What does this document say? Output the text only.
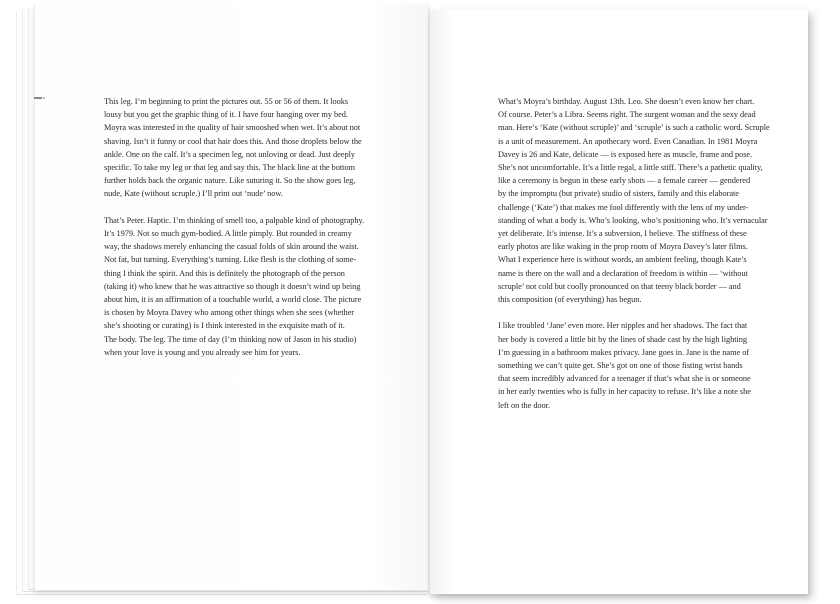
This leg. I’m beginning to print the pictures out. 55 or 56 of them. It looks
lousy but you get the graphic thing of it. I have four hanging over my bed.
Moyra was interested in the quality of hair smooshed when wet. It’s about not
shaving. Isn’t it funny or cool that hair does this. And those droplets below the
ankle. One on the calf. It’s a specimen leg, not unloving or dead. Just deeply
specific. To take my leg or that leg and say this. The black line at the bottom
further holds back the organic nature. Like suturing it. So the show goes leg,
nude, Kate (without scruple.) I’ll print out ‘nude’ now.

That’s Peter. Haptic. I’m thinking of smell too, a palpable kind of photography.
It’s 1979. Not so much gym-bodied. A little pimply. But rounded in creamy
way, the shadows merely enhancing the casual folds of skin around the waist.
Not fat, but turning. Everything’s turning. Like flesh is the clothing of some-
thing I think the spirit. And this is definitely the photograph of the person
(taking it) who knew that he was attractive so though it doesn’t wind up being
about him, it is an affirmation of a touchable world, a world close. The picture
is chosen by Moyra Davey who among other things when she sees (whether
she’s shooting or curating) is I think interested in the exquisite math of it.
The body. The leg. The time of day (I’m thinking now of Jason in his studio)
when your love is young and you already see him for years.

What’s Moyra’s birthday. August 13th. Leo. She doesn’t even know her chart.
Of course. Peter’s a Libra. Seems right. The surgent woman and the sexy dead
man. Here’s ‘Kate (without scruple)’ and ‘scruple’ is such a catholic word. Scruple
is a unit of measurement. An apothecary word. Even Canadian. In 1981 Moyra
Davey is 26 and Kate, delicate — is exposed here as muscle, frame and pose.
She’s not uncomfortable. It’s a little regal, a little stiff. There’s a pathetic quality,
like a ceremony is begun in these early shots — a female career — gendered
by the impromptu (but private) studio of sisters, family and this elaborate
challenge (‘Kate’) that makes me fool differently with the lens of my under-
standing of what a body is. Who’s looking, who’s positioning who. It’s vernacular
yet deliberate. It’s intense. It’s a subversion, I believe. The stiffness of these
early photos are like waking in the prop room of Moyra Davey’s later films.
What I experience here is without words, an ambient feeling, though Kate’s
name is there on the wall and a declaration of freedom is within — ‘without
scruple’ not cold but coolly pronounced on that teeny black border — and
this composition (of everything) has begun.

I like troubled ‘Jane’ even more. Her nipples and her shadows. The fact that
her body is covered a little bit by the lines of shade cast by the high lighting
I’m guessing in a bathroom makes privacy. Jane goes in. Jane is the name of
something we can’t quite get. She’s got on one of those fisting wrist bands
that seem incredibly advanced for a teenager if that’s what she is or someone
in her early twenties who is fully in her capacity to refuse. It’s like a note she
left on the door.
